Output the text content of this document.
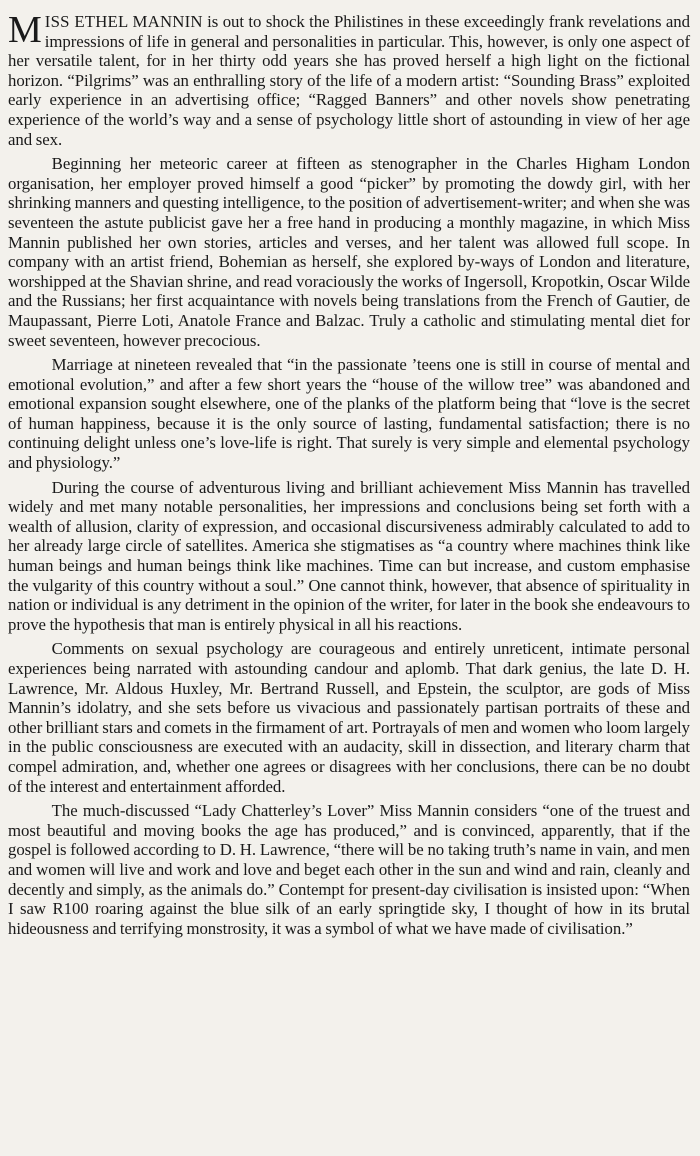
MISS ETHEL MANNIN is out to shock the Philistines in these exceedingly frank revelations and impressions of life in general and personalities in particular. This, however, is only one aspect of her versatile talent, for in her thirty odd years she has proved herself a high light on the fictional horizon. “Pilgrims” was an enthralling story of the life of a modern artist: “Sounding Brass” exploited early experience in an advertising office; “Ragged Banners” and other novels show penetrating experience of the world’s way and a sense of psychology little short of astounding in view of her age and sex.

Beginning her meteoric career at fifteen as stenographer in the Charles Higham London organisation, her employer proved himself a good “picker” by promoting the dowdy girl, with her shrinking manners and questing intelligence, to the position of advertisement-writer; and when she was seventeen the astute publicist gave her a free hand in producing a monthly magazine, in which Miss Mannin published her own stories, articles and verses, and her talent was allowed full scope. In company with an artist friend, Bohemian as herself, she explored by-ways of London and literature, worshipped at the Shavian shrine, and read voraciously the works of Ingersoll, Kropotkin, Oscar Wilde and the Russians; her first acquaintance with novels being translations from the French of Gautier, de Maupassant, Pierre Loti, Anatole France and Balzac. Truly a catholic and stimulating mental diet for sweet seventeen, however precocious.

Marriage at nineteen revealed that “in the passionate ’teens one is still in course of mental and emotional evolution,” and after a few short years the “house of the willow tree” was abandoned and emotional expansion sought elsewhere, one of the planks of the platform being that “love is the secret of human happiness, because it is the only source of lasting, fundamental satisfaction; there is no continuing delight unless one’s love-life is right. That surely is very simple and elemental psychology and physiology.”

During the course of adventurous living and brilliant achievement Miss Mannin has travelled widely and met many notable personalities, her impressions and conclusions being set forth with a wealth of allusion, clarity of expression, and occasional discursiveness admirably calculated to add to her already large circle of satellites. America she stigmatises as “a country where machines think like human beings and human beings think like machines. Time can but increase, and custom emphasise the vulgarity of this country without a soul.” One cannot think, however, that absence of spirituality in nation or individual is any detriment in the opinion of the writer, for later in the book she endeavours to prove the hypothesis that man is entirely physical in all his reactions.

Comments on sexual psychology are courageous and entirely unreticent, intimate personal experiences being narrated with astounding candour and aplomb. That dark genius, the late D. H. Lawrence, Mr. Aldous Huxley, Mr. Bertrand Russell, and Epstein, the sculptor, are gods of Miss Mannin’s idolatry, and she sets before us vivacious and passionately partisan portraits of these and other brilliant stars and comets in the firmament of art. Portrayals of men and women who loom largely in the public consciousness are executed with an audacity, skill in dissection, and literary charm that compel admiration, and, whether one agrees or disagrees with her conclusions, there can be no doubt of the interest and entertainment afforded.

The much-discussed “Lady Chatterley’s Lover” Miss Mannin considers “one of the truest and most beautiful and moving books the age has produced,” and is convinced, apparently, that if the gospel is followed according to D. H. Lawrence, “there will be no taking truth’s name in vain, and men and women will live and work and love and beget each other in the sun and wind and rain, cleanly and decently and simply, as the animals do.” Contempt for present-day civilisation is insisted upon: “When I saw R100 roaring against the blue silk of an early springtide sky, I thought of how in its brutal hideousness and terrifying monstrosity, it was a symbol of what we have made of civilisation.”
